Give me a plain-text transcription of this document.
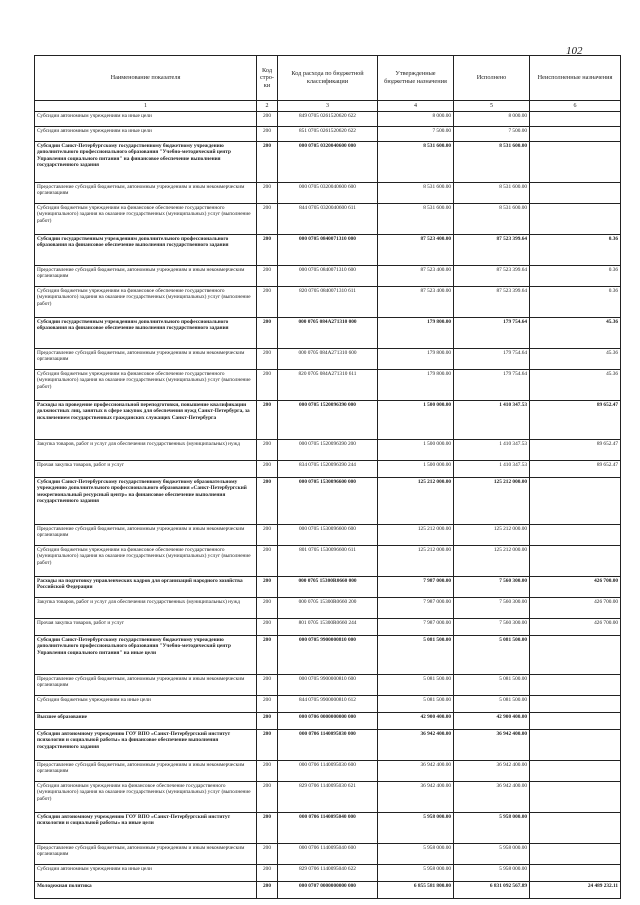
102
Наименование показателя	Код стро-ки	Код расхода по бюджетной классификации	Утвержденные бюджетные назначения	Исполнено	Неисполненные назначения
1	2	3	4	5	6
Субсидии автономным учреждениям на иные цели	200	849 0705 0261520620 622	8 000.00	8 000.00	
Субсидии автономным учреждениям на иные цели	200	851 0705 0261520620 622	7 500.00	7 500.00	
Субсидии Санкт-Петербургскому государственному бюджетному учреждению дополнительного профессионального образования "Учебно-методический центр Управления социального питания" на финансовое обеспечение выполнения государственного задания	200	000 0705 0320040600 000	8 531 600.00	8 531 600.00	
Предоставление субсидий бюджетным, автономным учреждениям и иным некоммерческим организациям	200	000 0705 0320040600 600	8 531 600.00	8 531 600.00	
Субсидии бюджетным учреждениям на финансовое обеспечение государственного (муниципального) задания на оказание государственных (муниципальных) услуг (выполнение работ)	200	844 0705 0320040600 611	8 531 600.00	8 531 600.00	
Субсидии государственным учреждениям дополнительного профессионального образования на финансовое обеспечение выполнения государственного задания	200	000 0705 0840071310 000	87 523 400.00	87 523 399.64	0.36
Предоставление субсидий бюджетным, автономным учреждениям и иным некоммерческим организациям	200	000 0705 0840071310 600	87 523 400.00	87 523 399.64	0.36
Субсидии бюджетным учреждениям на финансовое обеспечение государственного (муниципального) задания на оказание государственных (муниципальных) услуг (выполнение работ)	200	820 0705 0840071310 611	87 523 400.00	87 523 399.64	0.36
Субсидии государственным учреждениям дополнительного профессионального образования на финансовое обеспечение выполнения государственного задания	200	000 0705 084A271310 000	179 800.00	179 754.64	45.36
Предоставление субсидий бюджетным, автономным учреждениям и иным некоммерческим организациям	200	000 0705 084A271310 600	179 800.00	179 754.64	45.36
Субсидии бюджетным учреждениям на финансовое обеспечение государственного (муниципального) задания на оказание государственных (муниципальных) услуг (выполнение работ)	200	820 0705 084A271310 611	179 800.00	179 754.64	45.36
Расходы на проведение профессиональной переподготовки, повышение квалификации должностных лиц, занятых в сфере закупок для обеспечения нужд Санкт-Петербурга, за исключением государственных гражданских служащих Санкт-Петербурга	200	000 0705 1520096390 000	1 500 000.00	1 410 347.53	89 652.47
Закупка товаров, работ и услуг для обеспечения государственных (муниципальных) нужд	200	000 0705 1520096390 200	1 500 000.00	1 410 347.53	89 652.47
Прочая закупка товаров, работ и услуг	200	834 0705 1520096390 244	1 500 000.00	1 410 347.53	89 652.47
Субсидии Санкт-Петербургскому государственному бюджетному образовательному учреждению дополнительного профессионального образования «Санкт-Петербургский межрегиональный ресурсный центр» на финансовое обеспечение выполнения государственного задания	200	000 0705 1530096600 000	125 212 000.00	125 212 000.00	
Предоставление субсидий бюджетным, автономным учреждениям и иным некоммерческим организациям	200	000 0705 1530096600 600	125 212 000.00	125 212 000.00	
Субсидии бюджетным учреждениям на финансовое обеспечение государственного (муниципального) задания на оказание государственных (муниципальных) услуг (выполнение работ)	200	801 0705 1530096600 611	125 212 000.00	125 212 000.00	
Расходы на подготовку управленческих кадров для организаций народного хозяйства Российской Федерации	200	000 0705 15300R0660 000	7 987 000.00	7 560 300.00	426 700.00
Закупка товаров, работ и услуг для обеспечения государственных (муниципальных) нужд	200	000 0705 15300R0660 200	7 987 000.00	7 560 300.00	426 700.00
Прочая закупка товаров, работ и услуг	200	801 0705 15300R0660 244	7 987 000.00	7 560 300.00	426 700.00
Субсидии Санкт-Петербургскому государственному бюджетному учреждению дополнительного профессионального образования "Учебно-методический центр Управления социального питания" на иные цели	200	000 0705 9900000810 000	5 081 500.00	5 081 500.00	
Предоставление субсидий бюджетным, автономным учреждениям и иным некоммерческим организациям	200	000 0705 9900000810 600	5 081 500.00	5 081 500.00	
Субсидии бюджетным учреждениям на иные цели	200	844 0705 9900000810 612	5 081 500.00	5 081 500.00	
Высшее образование	200	000 0706 0000000000 000	42 900 400.00	42 900 400.00	
Субсидии автономному учреждению ГОУ ВПО «Санкт-Петербургский институт психологии и социальной работы» на финансовое обеспечение выполнения государственного задания	200	000 0706 1140095030 000	36 942 400.00	36 942 400.00	
Предоставление субсидий бюджетным, автономным учреждениям и иным некоммерческим организациям	200	000 0706 1140095030 600	36 942 400.00	36 942 400.00	
Субсидии автономным учреждениям на финансовое обеспечение государственного (муниципального) задания на оказание государственных (муниципальных) услуг (выполнение работ)	200	829 0706 1140095030 621	36 942 400.00	36 942 400.00	
Субсидии автономному учреждению ГОУ ВПО «Санкт-Петербургский институт психологии и социальной работы» на иные цели	200	000 0706 1140095040 000	5 958 000.00	5 958 000.00	
Предоставление субсидий бюджетным, автономным учреждениям и иным некоммерческим организациям	200	000 0706 1140095040 600	5 958 000.00	5 958 000.00	
Субсидии автономным учреждениям на иные цели	200	829 0706 1140095040 622	5 958 000.00	5 958 000.00	
Молодежная политика	200	000 0707 0000000000 000	6 855 581 800.00	6 831 092 567.89	24 489 232.11
